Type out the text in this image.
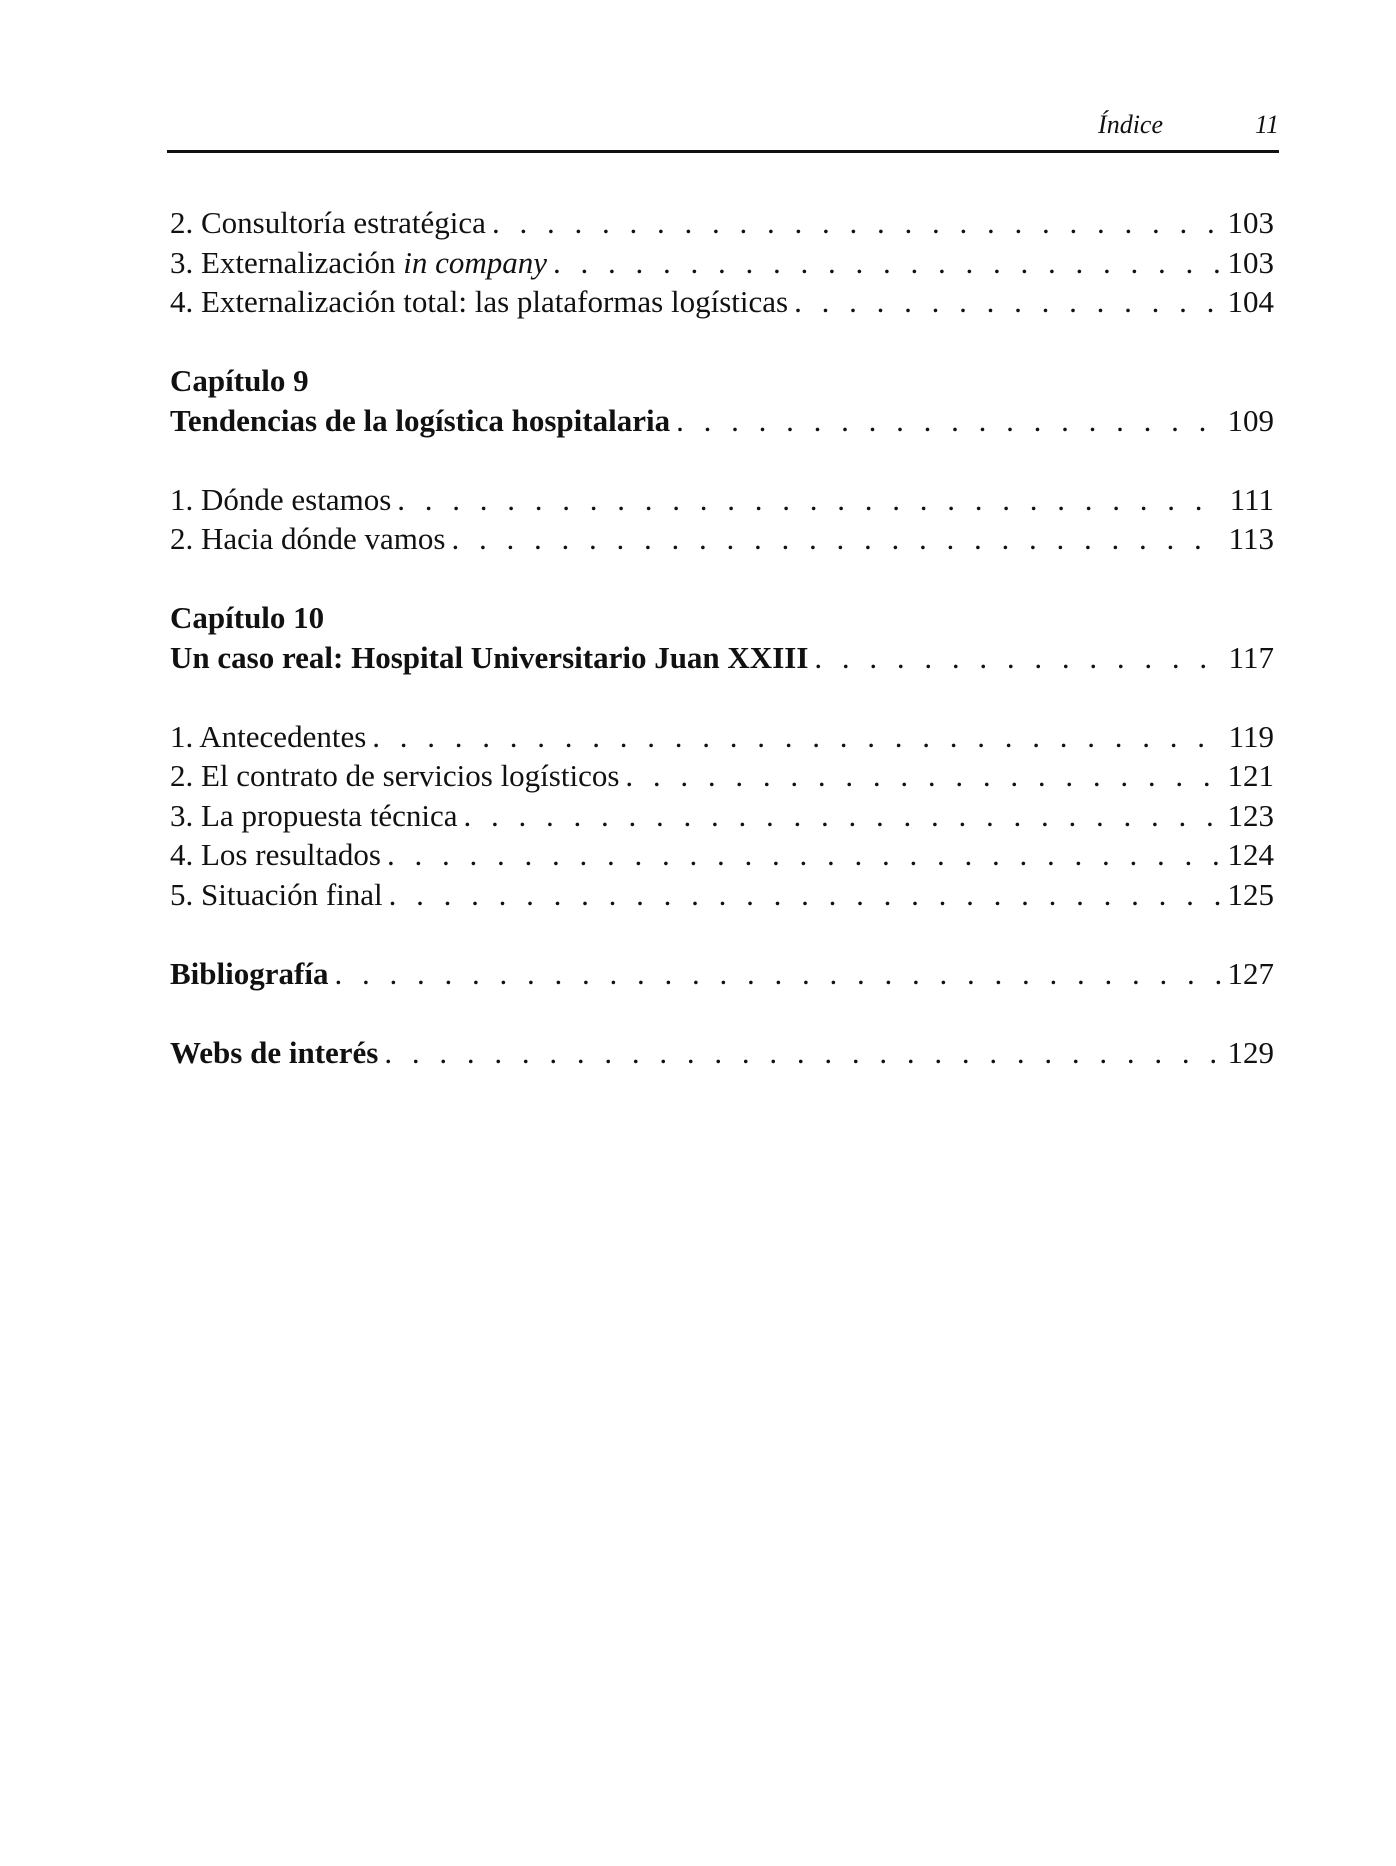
Índice	11
2. Consultoría estratégica . . .	103
3. Externalización in company . . .	103
4. Externalización total: las plataformas logísticas . . .	104
Capítulo 9
Tendencias de la logística hospitalaria . . .	109
1. Dónde estamos . . .	111
2. Hacia dónde vamos . . .	113
Capítulo 10
Un caso real: Hospital Universitario Juan XXIII . . .	117
1. Antecedentes . . .	119
2. El contrato de servicios logísticos . . .	121
3. La propuesta técnica . . .	123
4. Los resultados . . .	124
5. Situación final . . .	125
Bibliografía . . .	127
Webs de interés . . .	129
